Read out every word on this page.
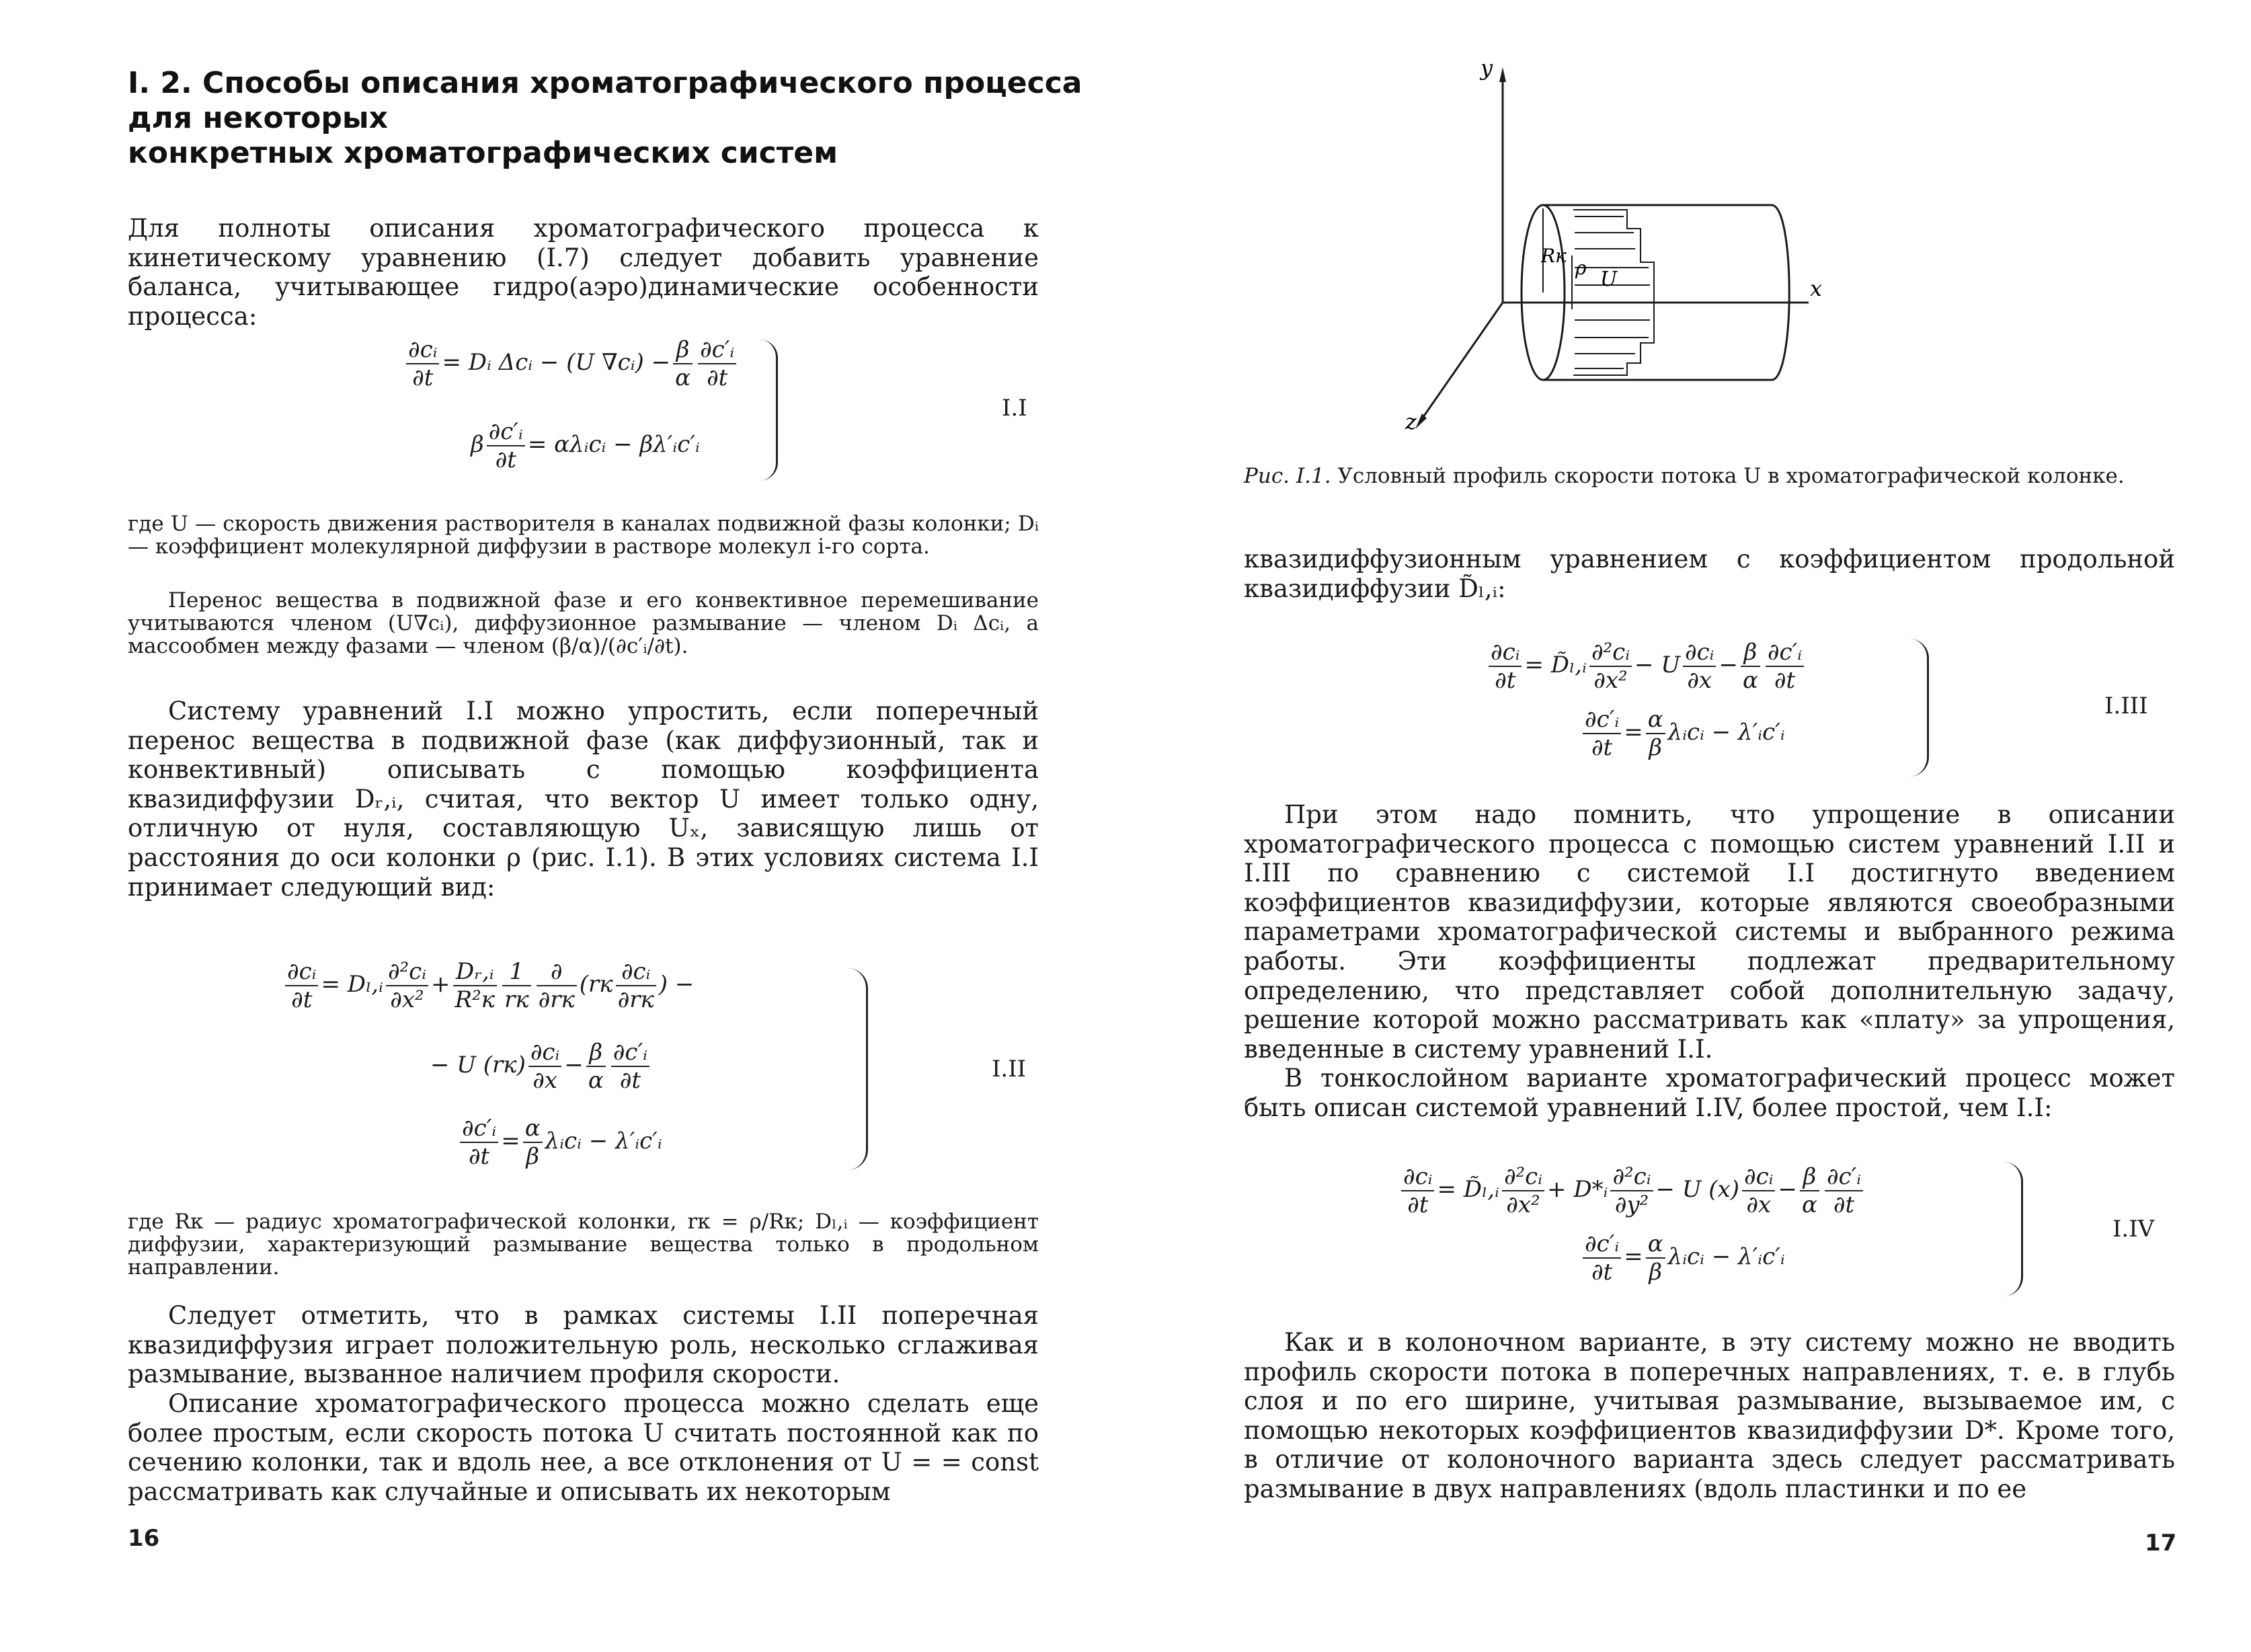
I. 2. Способы описания хроматографического процесса
для некоторых
конкретных хроматографических систем
Для полноты описания хроматографического процесса к кинетическому уравнению (I.7) следует добавить уравнение баланса, учитывающее гидро(аэро)динамические особенности процесса:
$\frac{\text{∂cᵢ}}{\partial t}$ = Dᵢ Δcᵢ − (U ∇cᵢ) − $\frac{\beta}{\alpha} \frac{\text{∂c′ᵢ}}{\partial t}$
β $\frac{\text{∂c′ᵢ}}{\partial t}$ = αλᵢcᵢ − βλ′ᵢc′ᵢ
I.I
где U — скорость движения растворителя в каналах подвижной фазы колонки; Dᵢ — коэффициент молекулярной диффузии в растворе молекул i-го сорта.
Перенос вещества в подвижной фазе и его конвективное перемешивание учитываются членом (U∇cᵢ), диффузионное размывание — членом Dᵢ Δcᵢ, а массообмен между фазами — членом (β/α)/(∂c′ᵢ/∂t).
Систему уравнений I.I можно упростить, если поперечный перенос вещества в подвижной фазе (как диффузионный, так и конвективный) описывать с помощью коэффициента квазидиффузии Dᵣ,ᵢ, считая, что вектор U имеет только одну, отличную от нуля, составляющую Uₓ, зависящую лишь от расстояния до оси колонки ρ (рис. I.1). В этих условиях система I.I принимает следующий вид:
$\frac{\text{∂cᵢ}}{\partial t}$ = Dₗ,ᵢ $\frac{\text{∂²cᵢ}}{\text{∂x²}} + \frac{\text{Dᵣ,ᵢ}}{\text{R²к}} \frac{1}{rк} \frac{\partial}{\partial rк} (rк \frac{\text{∂cᵢ}}{\partial rк}$ ) −
− U $(rк) \frac{\text{∂cᵢ}}{\partial x} - \frac{\beta}{\alpha} \frac{\text{∂c′ᵢ}}{\partial t}$
$\frac{\text{∂c′ᵢ}}{\partial t} = \frac{\alpha}{\beta}$ λᵢcᵢ − λ′ᵢc′ᵢ
I.II
где Rк — радиус хроматографической колонки, rк = ρ/Rк; Dₗ,ᵢ — коэффициент диффузии, характеризующий размывание вещества только в продольном направлении.
Следует отметить, что в рамках системы I.II поперечная квазидиффузия играет положительную роль, несколько сглаживая размывание, вызванное наличием профиля скорости.
Описание хроматографического процесса можно сделать еще более простым, если скорость потока U считать постоянной как по сечению колонки, так и вдоль нее, а все отклонения от U = = const рассматривать как случайные и описывать их некоторым
16
y
x
z
Rк
ρ U
Рис. I.1. Условный профиль скорости потока U в хроматографической колонке.
квазидиффузионным уравнением с коэффициентом продольной квазидиффузии D̃ₗ,ᵢ:
$\frac{\text{∂cᵢ}}{\partial t}$ = D̃ₗ,ᵢ $\frac{\text{∂²cᵢ}}{\text{∂x²}} - U \frac{\text{∂cᵢ}}{\partial x} - \frac{\beta}{\alpha} \frac{\text{∂c′ᵢ}}{\partial t}$
$\frac{\text{∂c′ᵢ}}{\partial t} = \frac{\alpha}{\beta}$ λᵢcᵢ − λ′ᵢc′ᵢ
I.III
При этом надо помнить, что упрощение в описании хроматографического процесса с помощью систем уравнений I.II и I.III по сравнению с системой I.I достигнуто введением коэффициентов квазидиффузии, которые являются своеобразными параметрами хроматографической системы и выбранного режима работы. Эти коэффициенты подлежат предварительному определению, что представляет собой дополнительную задачу, решение которой можно рассматривать как «плату» за упрощения, введенные в систему уравнений I.I.
В тонкослойном варианте хроматографический процесс может быть описан системой уравнений I.IV, более простой, чем I.I:
$\frac{\text{∂cᵢ}}{\partial t}$ = D̃ₗ,ᵢ $\frac{\text{∂²cᵢ}}{\text{∂x²}}$ + D*ᵢ $\frac{\text{∂²cᵢ}}{\text{∂y²}} - U$ $(x) \frac{\text{∂cᵢ}}{\partial x} - \frac{\beta}{\alpha} \frac{\text{∂c′ᵢ}}{\partial t}$
$\frac{\text{∂c′ᵢ}}{\partial t} = \frac{\alpha}{\beta}$ λᵢcᵢ − λ′ᵢc′ᵢ
I.IV
Как и в колоночном варианте, в эту систему можно не вводить профиль скорости потока в поперечных направлениях, т. е. в глубь слоя и по его ширине, учитывая размывание, вызываемое им, с помощью некоторых коэффициентов квазидиффузии D*. Кроме того, в отличие от колоночного варианта здесь следует рассматривать размывание в двух направлениях (вдоль пластинки и по ее
17
